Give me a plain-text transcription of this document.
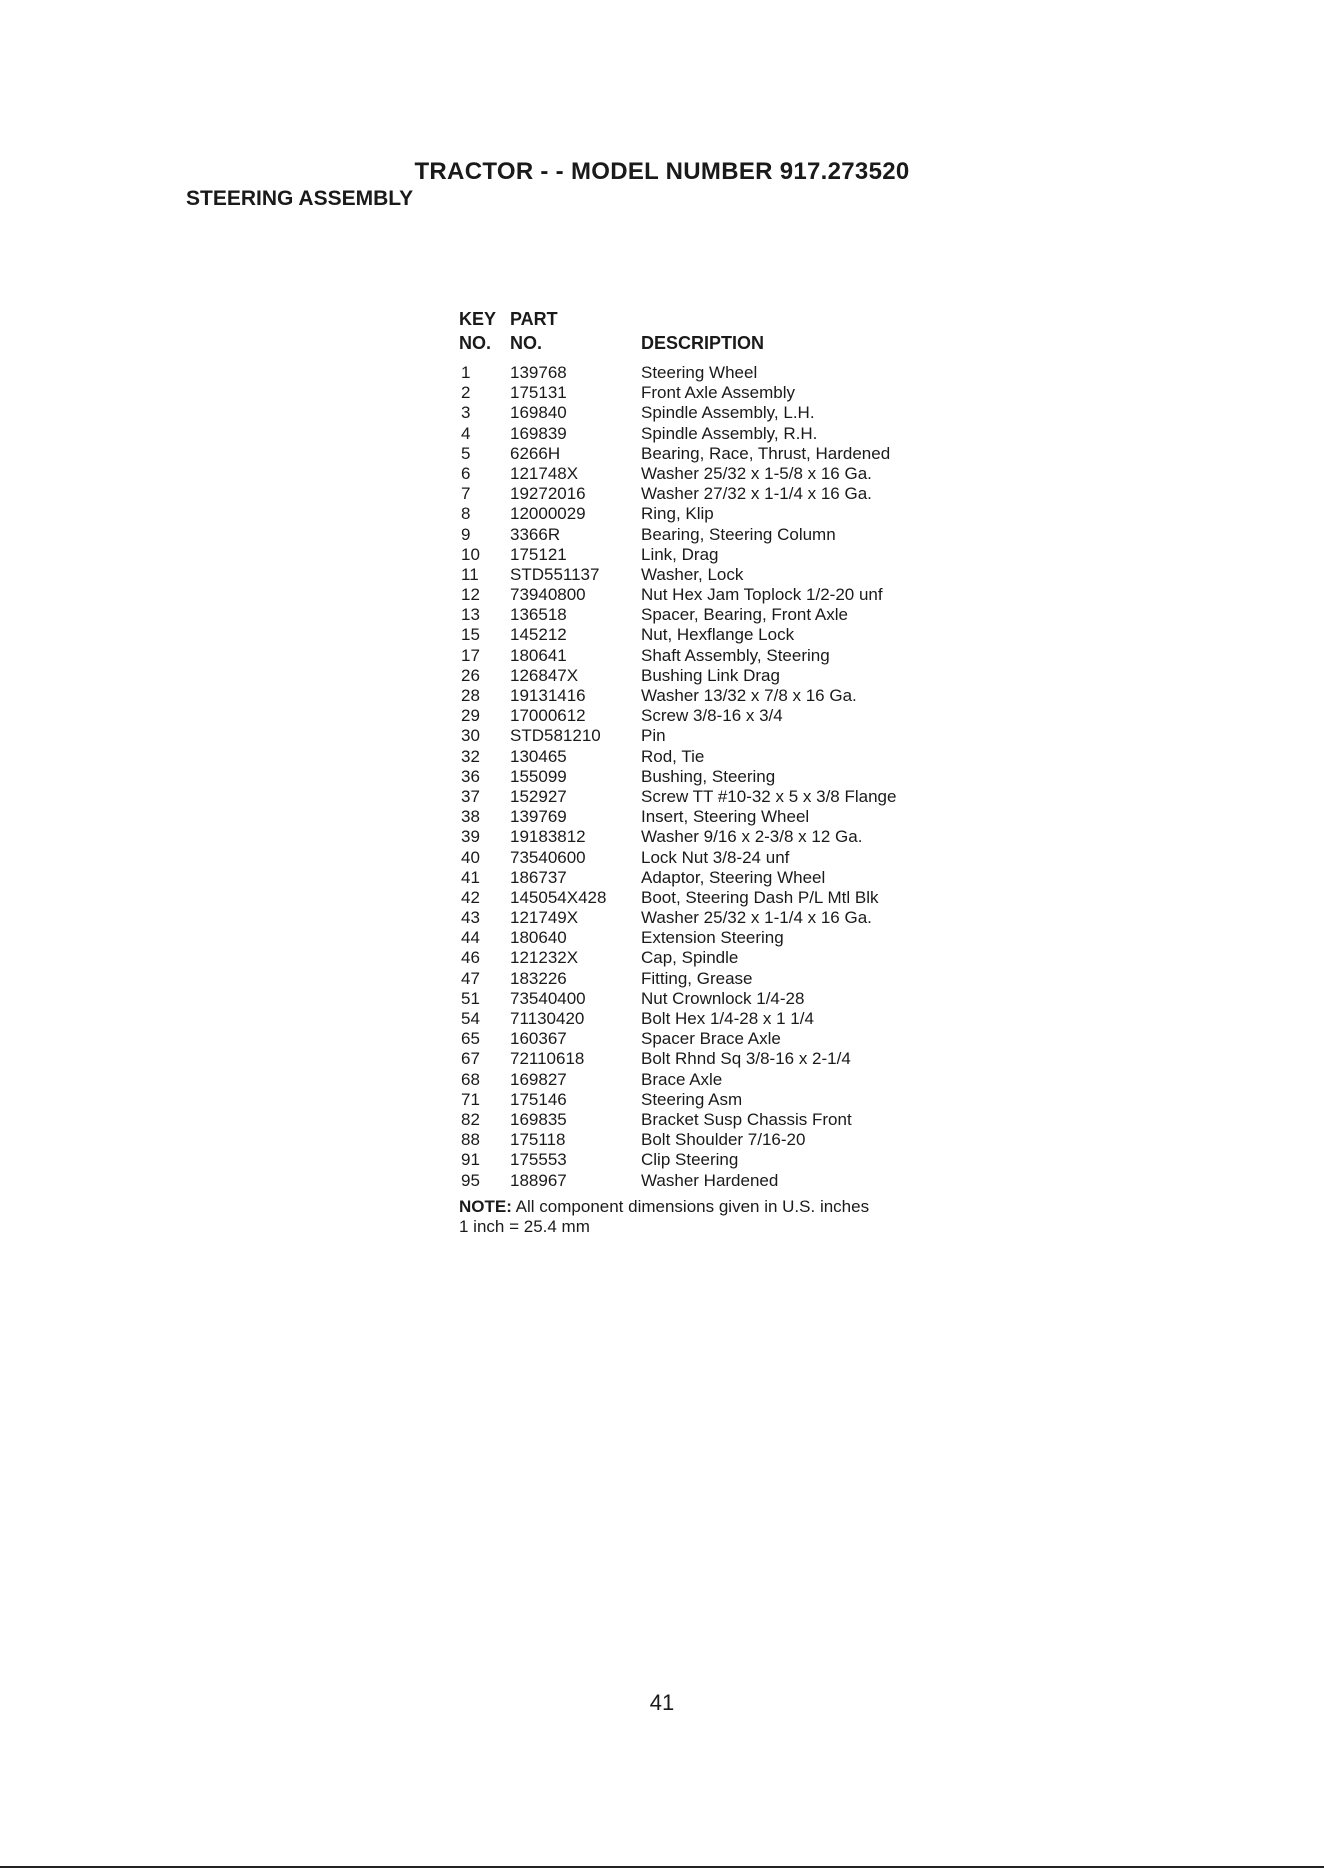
TRACTOR - - MODEL NUMBER 917.273520
STEERING ASSEMBLY
KEY PART
NO. NO.	DESCRIPTION
1	139768	Steering Wheel
2	175131	Front Axle Assembly
3	169840	Spindle Assembly, L.H.
4	169839	Spindle Assembly, R.H.
5	6266H	Bearing, Race, Thrust, Hardened
6	121748X	Washer 25/32 x 1-5/8 x 16 Ga.
7	19272016	Washer 27/32 x 1-1/4 x 16 Ga.
8	12000029	Ring, Klip
9	3366R	Bearing, Steering Column
10	175121	Link, Drag
11	STD551137	Washer, Lock
12	73940800	Nut Hex Jam Toplock 1/2-20 unf
13	136518	Spacer, Bearing, Front Axle
15	145212	Nut, Hexflange Lock
17	180641	Shaft Assembly, Steering
26	126847X	Bushing Link Drag
28	19131416	Washer 13/32 x 7/8 x 16 Ga.
29	17000612	Screw 3/8-16 x 3/4
30	STD581210	Pin
32	130465	Rod, Tie
36	155099	Bushing, Steering
37	152927	Screw TT #10-32 x 5 x 3/8 Flange
38	139769	Insert, Steering Wheel
39	19183812	Washer 9/16 x 2-3/8 x 12 Ga.
40	73540600	Lock Nut 3/8-24 unf
41	186737	Adaptor, Steering Wheel
42	145054X428	Boot, Steering Dash P/L Mtl Blk
43	121749X	Washer 25/32 x 1-1/4 x 16 Ga.
44	180640	Extension Steering
46	121232X	Cap, Spindle
47	183226	Fitting, Grease
51	73540400	Nut Crownlock 1/4-28
54	71130420	Bolt Hex 1/4-28 x 1 1/4
65	160367	Spacer Brace Axle
67	72110618	Bolt Rhnd Sq 3/8-16 x 2-1/4
68	169827	Brace Axle
71	175146	Steering Asm
82	169835	Bracket Susp Chassis Front
88	175118	Bolt Shoulder 7/16-20
91	175553	Clip Steering
95	188967	Washer Hardened
NOTE: All component dimensions given in U.S. inches
1 inch = 25.4 mm
41
